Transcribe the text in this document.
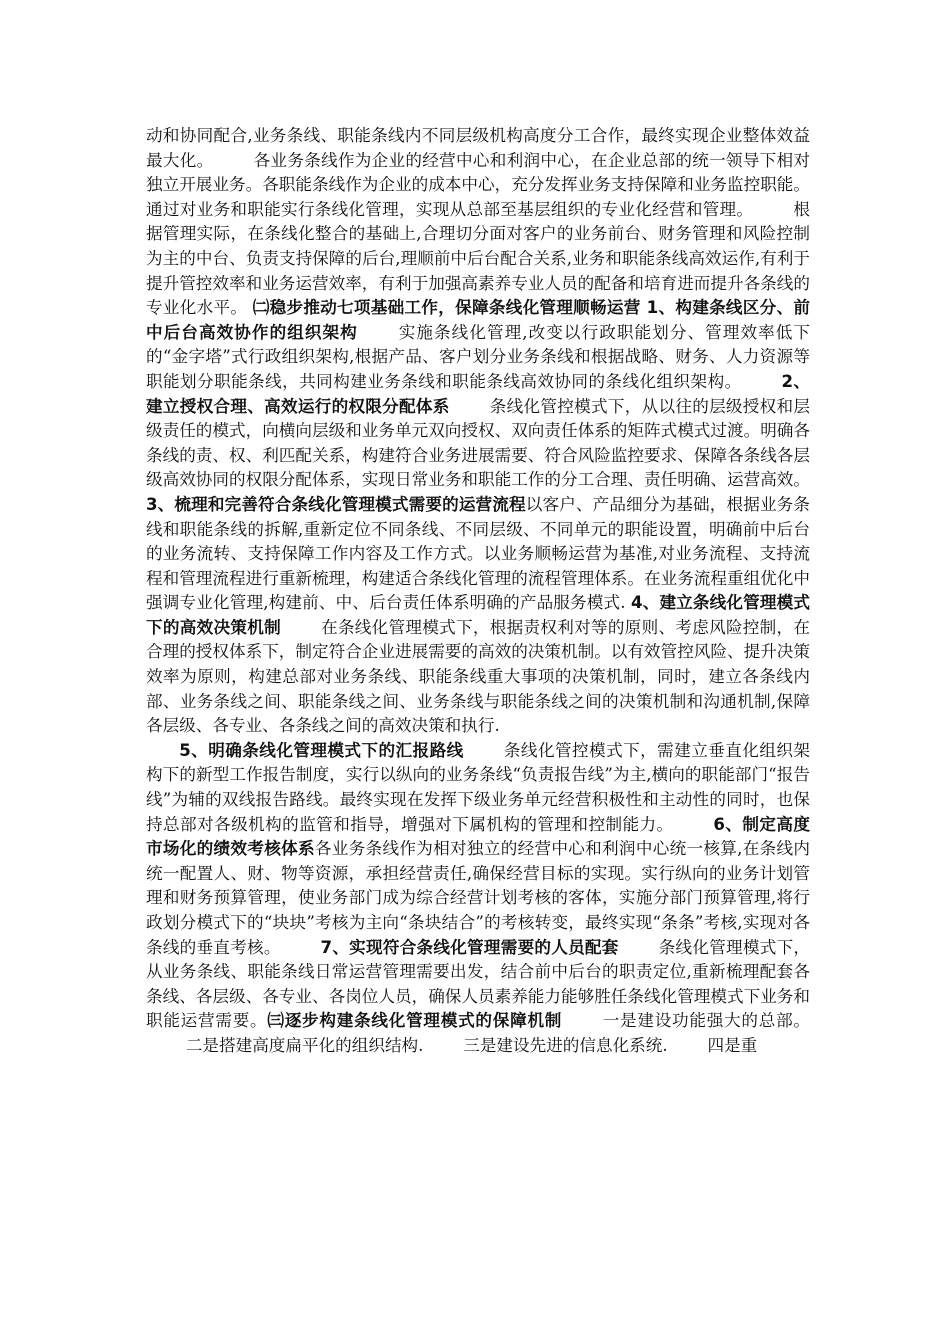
动和协同配合,业务条线、职能条线内不同层级机构高度分工合作，最终实现企业整体效益最大化。 各业务条线作为企业的经营中心和利润中心，在企业总部的统一领导下相对独立开展业务。各职能条线作为企业的成本中心，充分发挥业务支持保障和业务监控职能。通过对业务和职能实行条线化管理，实现从总部至基层组织的专业化经营和管理。 根据管理实际，在条线化整合的基础上,合理切分面对客户的业务前台、财务管理和风险控制为主的中台、负责支持保障的后台,理顺前中后台配合关系,业务和职能条线高效运作,有利于提升管控效率和业务运营效率，有利于加强高素养专业人员的配备和培育进而提升各条线的专业化水平。 ㈡稳步推动七项基础工作，保障条线化管理顺畅运营 1、构建条线区分、前中后台高效协作的组织架构 实施条线化管理,改变以行政职能划分、管理效率低下的“金字塔”式行政组织架构,根据产品、客户划分业务条线和根据战略、财务、人力资源等职能划分职能条线，共同构建业务条线和职能条线高效协同的条线化组织架构。 2、建立授权合理、高效运行的权限分配体系 条线化管控模式下，从以往的层级授权和层级责任的模式，向横向层级和业务单元双向授权、双向责任体系的矩阵式模式过渡。明确各条线的责、权、利匹配关系，构建符合业务进展需要、符合风险监控要求、保障各条线各层级高效协同的权限分配体系，实现日常业务和职能工作的分工合理、责任明确、运营高效。 3、梳理和完善符合条线化管理模式需要的运营流程以客户、产品细分为基础，根据业务条线和职能条线的拆解,重新定位不同条线、不同层级、不同单元的职能设置，明确前中后台的业务流转、支持保障工作内容及工作方式。以业务顺畅运营为基准,对业务流程、支持流程和管理流程进行重新梳理，构建适合条线化管理的流程管理体系。在业务流程重组优化中强调专业化管理,构建前、中、后台责任体系明确的产品服务模式. 4、建立条线化管理模式下的高效决策机制 在条线化管理模式下，根据责权利对等的原则、考虑风险控制，在合理的授权体系下，制定符合企业进展需要的高效的决策机制。以有效管控风险、提升决策效率为原则，构建总部对业务条线、职能条线重大事项的决策机制，同时，建立各条线内部、业务条线之间、职能条线之间、业务条线与职能条线之间的决策机制和沟通机制,保障各层级、各专业、各条线之间的高效决策和执行.

5、明确条线化管理模式下的汇报路线 条线化管控模式下，需建立垂直化组织架构下的新型工作报告制度，实行以纵向的业务条线“负责报告线”为主,横向的职能部门“报告线”为辅的双线报告路线。最终实现在发挥下级业务单元经营积极性和主动性的同时，也保持总部对各级机构的监管和指导，增强对下属机构的管理和控制能力。 6、制定高度市场化的绩效考核体系各业务条线作为相对独立的经营中心和利润中心统一核算,在条线内统一配置人、财、物等资源，承担经营责任,确保经营目标的实现。实行纵向的业务计划管理和财务预算管理，使业务部门成为综合经营计划考核的客体，实施分部门预算管理,将行政划分模式下的“块块”考核为主向“条块结合”的考核转变，最终实现“条条”考核,实现对各条线的垂直考核。 7、实现符合条线化管理需要的人员配套 条线化管理模式下，从业务条线、职能条线日常运营管理需要出发，结合前中后台的职责定位,重新梳理配套各条线、各层级、各专业、各岗位人员，确保人员素养能力能够胜任条线化管理模式下业务和职能运营需要。㈢逐步构建条线化管理模式的保障机制 一是建设功能强大的总部。二是搭建高度扁平化的组织结构. 三是建设先进的信息化系统. 四是重
